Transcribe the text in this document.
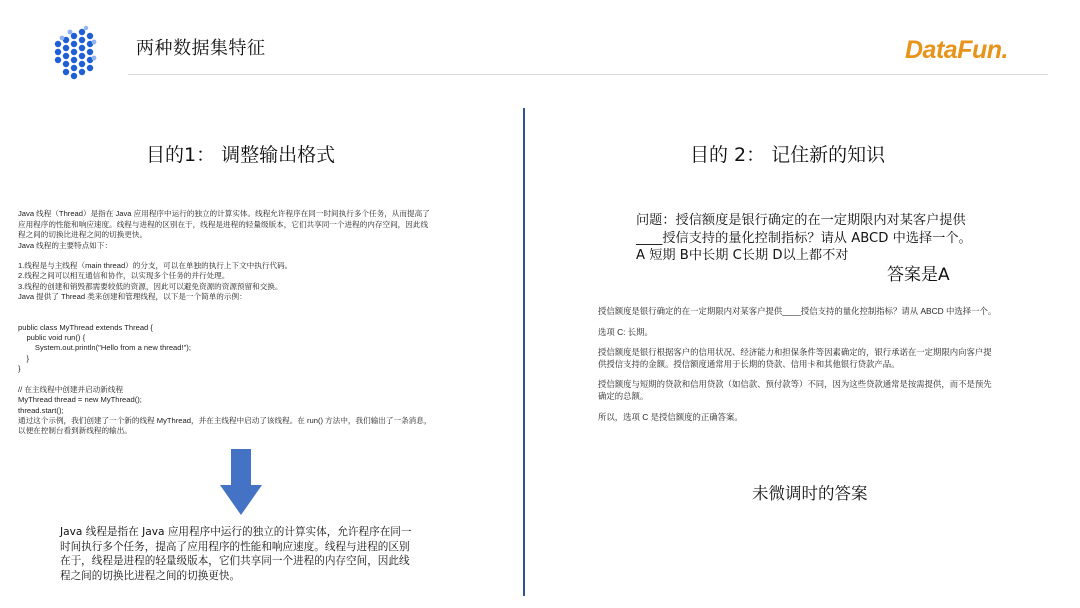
两种数据集特征	DataFun.
目的1： 调整输出格式

Java 线程（Thread）是指在 Java 应用程序中运行的独立的计算实体。线程允许程序在同一时间执行多个任务，从而提高了
应用程序的性能和响应速度。线程与进程的区别在于，线程是进程的轻量级版本，它们共享同一个进程的内存空间，因此线
程之间的切换比进程之间的切换更快。
Java 线程的主要特点如下：
1.线程是与主线程（main thread）的分支，可以在单独的执行上下文中执行代码。
2.线程之间可以相互通信和协作，以实现多个任务的并行处理。
3.线程的创建和销毁都需要较低的资源，因此可以避免资源的资源预留和交换。
Java 提供了 Thread 类来创建和管理线程，以下是一个简单的示例：
public class MyThread extends Thread {
public void run() {
System.out.println("Hello from a new thread!");
}
}
// 在主线程中创建并启动新线程
MyThread thread = new MyThread();
thread.start();
通过这个示例，我们创建了一个新的线程 MyThread，并在主线程中启动了该线程。在 run() 方法中，我们输出了一条消息，
以便在控制台看到新线程的输出。

Java 线程是指在 Java 应用程序中运行的独立的计算实体，允许程序在同一时间执行多个任务，提高了应用程序的性能和响应速度。线程与进程的区别在于，线程是进程的轻量级版本，它们共享同一个进程的内存空间，因此线程之间的切换比进程之间的切换更快。
目的 2： 记住新的知识

问题：授信额度是银行确定的在一定期限内对某客户提供

____授信支持的量化控制指标？请从 ABCD 中选择一个。

A 短期 B中长期 C长期 D以上都不对

答案是A

授信额度是银行确定的在一定期限内对某客户提供____授信支持的量化控制指标？请从 ABCD 中选择一个。

选项 C: 长期。

授信额度是银行根据客户的信用状况、经济能力和担保条件等因素确定的，银行承诺在一定期限内向客户提供授信支持的金额。授信额度通常用于长期的贷款、信用卡和其他银行贷款产品。

授信额度与短期的贷款和信用贷款（如信款、预付款等）不同，因为这些贷款通常是按需提供，而不是预先确定的总额。

所以，选项 C 是授信额度的正确答案。

未微调时的答案
